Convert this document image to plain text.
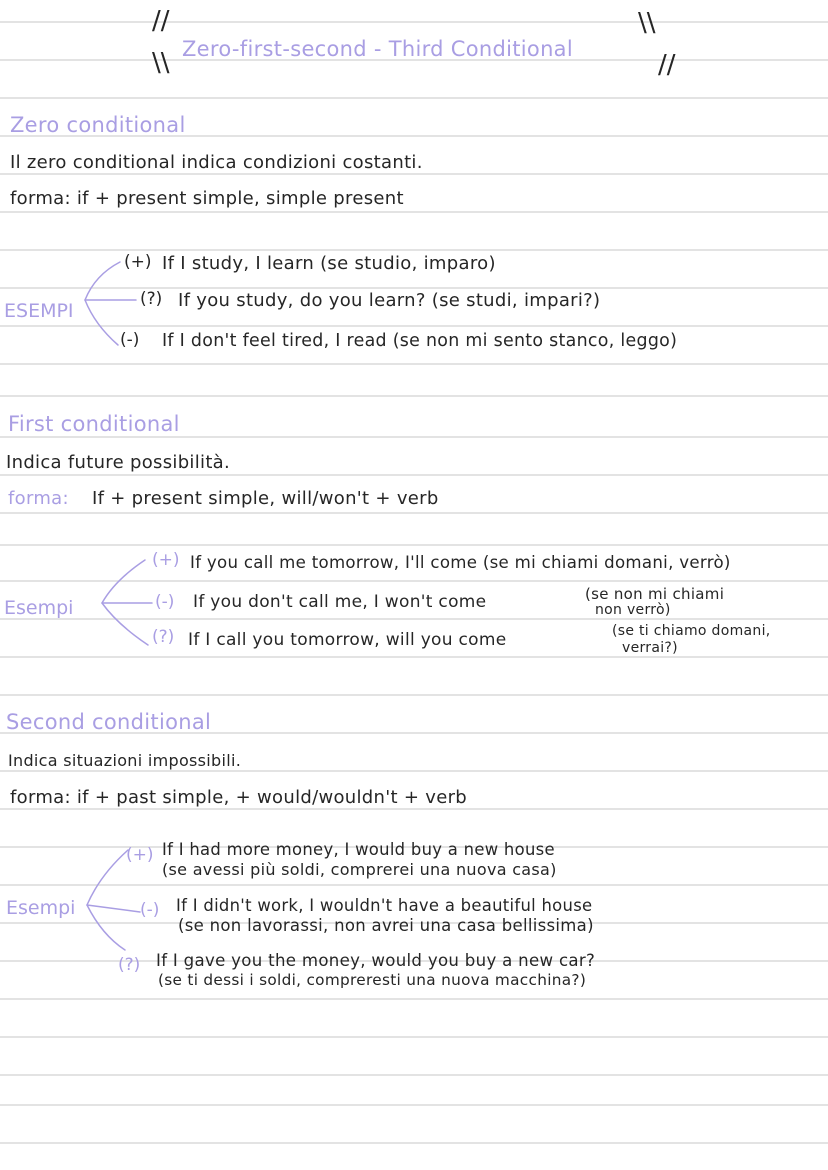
//
//
//
//
Zero-first-second - Third Conditional
Zero conditional
Il zero conditional indica condizioni costanti.
forma: if + present simple, simple present
ESEMPI
(+) If I study, I learn (se studio, imparo)
(?) If you study, do you learn? (se studi, impari?)
(-) If I don't feel tired, I read (se non mi sento stanco, leggo)
First conditional
Indica future possibilità.
forma: If + present simple, will/won't + verb
Esempi
(+) If you call me tomorrow, I'll come (se mi chiami domani, verrò)
(-) If you don't call me, I won't come	(se non mi chiami
non verrò)
(?) If I call you tomorrow, will you come	(se ti chiamo domani,
verrai?)
Second conditional
Indica situazioni impossibili.
forma: if + past simple, + would/wouldn't + verb
Esempi
(+) If I had more money, I would buy a new house
(se avessi più soldi, comprerei una nuova casa)
(-) If I didn't work, I wouldn't have a beautiful house
(se non lavorassi, non avrei una casa bellissima)
(?) If I gave you the money, would you buy a new car?
(se ti dessi i soldi, compreresti una nuova macchina?)
